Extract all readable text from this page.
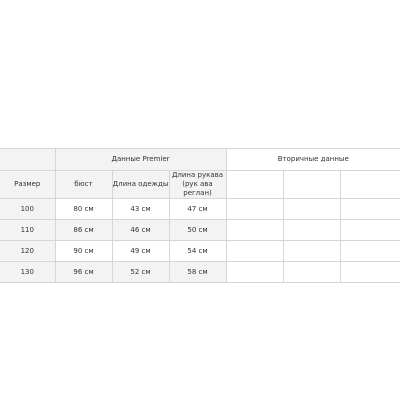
	Данные Premier			Вторичные данные		
Размер	бюст	Длина одежды	Длина рукава (рук ава реглан)			
100	80 см	43 см	47 см			
110	86 см	46 см	50 см			
120	90 см	49 см	54 см			
130	96 см	52 см	58 см			
